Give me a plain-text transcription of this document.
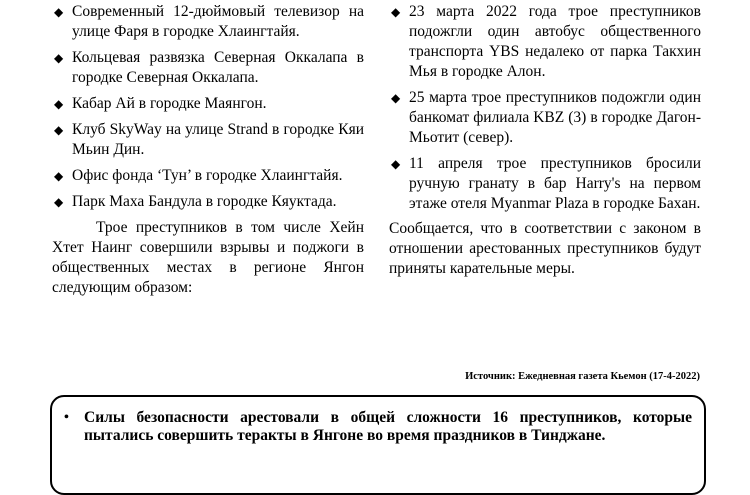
◆ Современный 12-дюймовый телевизор на улице Фаря в городке Хлаингтайя.
◆ Кольцевая развязка Северная Оккалапа в городке Северная Оккалапа.
◆ Кабар Ай в городке Маянгон.
◆ Клуб SkyWay на улице Strand в городке Кяи Мьин Дин.
◆ Офис фонда ‘Тун’ в городке Хлаингтайя.
◆ Парк Маха Бандула в городке Кяуктада.

Трое преступников в том числе Хейн Хтет Наинг совершили взрывы и поджоги в общественных местах в регионе Янгон следующим образом:

◆ 23 марта 2022 года трое преступников подожгли один автобус общественного транспорта YBS недалеко от парка Такхин Мья в городке Алон.
◆ 25 марта трое преступников подожгли один банкомат филиала KBZ (3) в городке Дагон-Мьотит (север).
◆ 11 апреля трое преступников бросили ручную гранату в бар Harry's на первом этаже отеля Myanmar Plaza в городке Бахан.

Сообщается, что в соответствии с законом в отношении арестованных преступников будут приняты карательные меры.

Источник: Ежедневная газета Кьемон (17-4-2022)
• Силы безопасности арестовали в общей сложности 16 преступников, которые пытались совершить теракты в Янгоне во время праздников в Тинджане.
